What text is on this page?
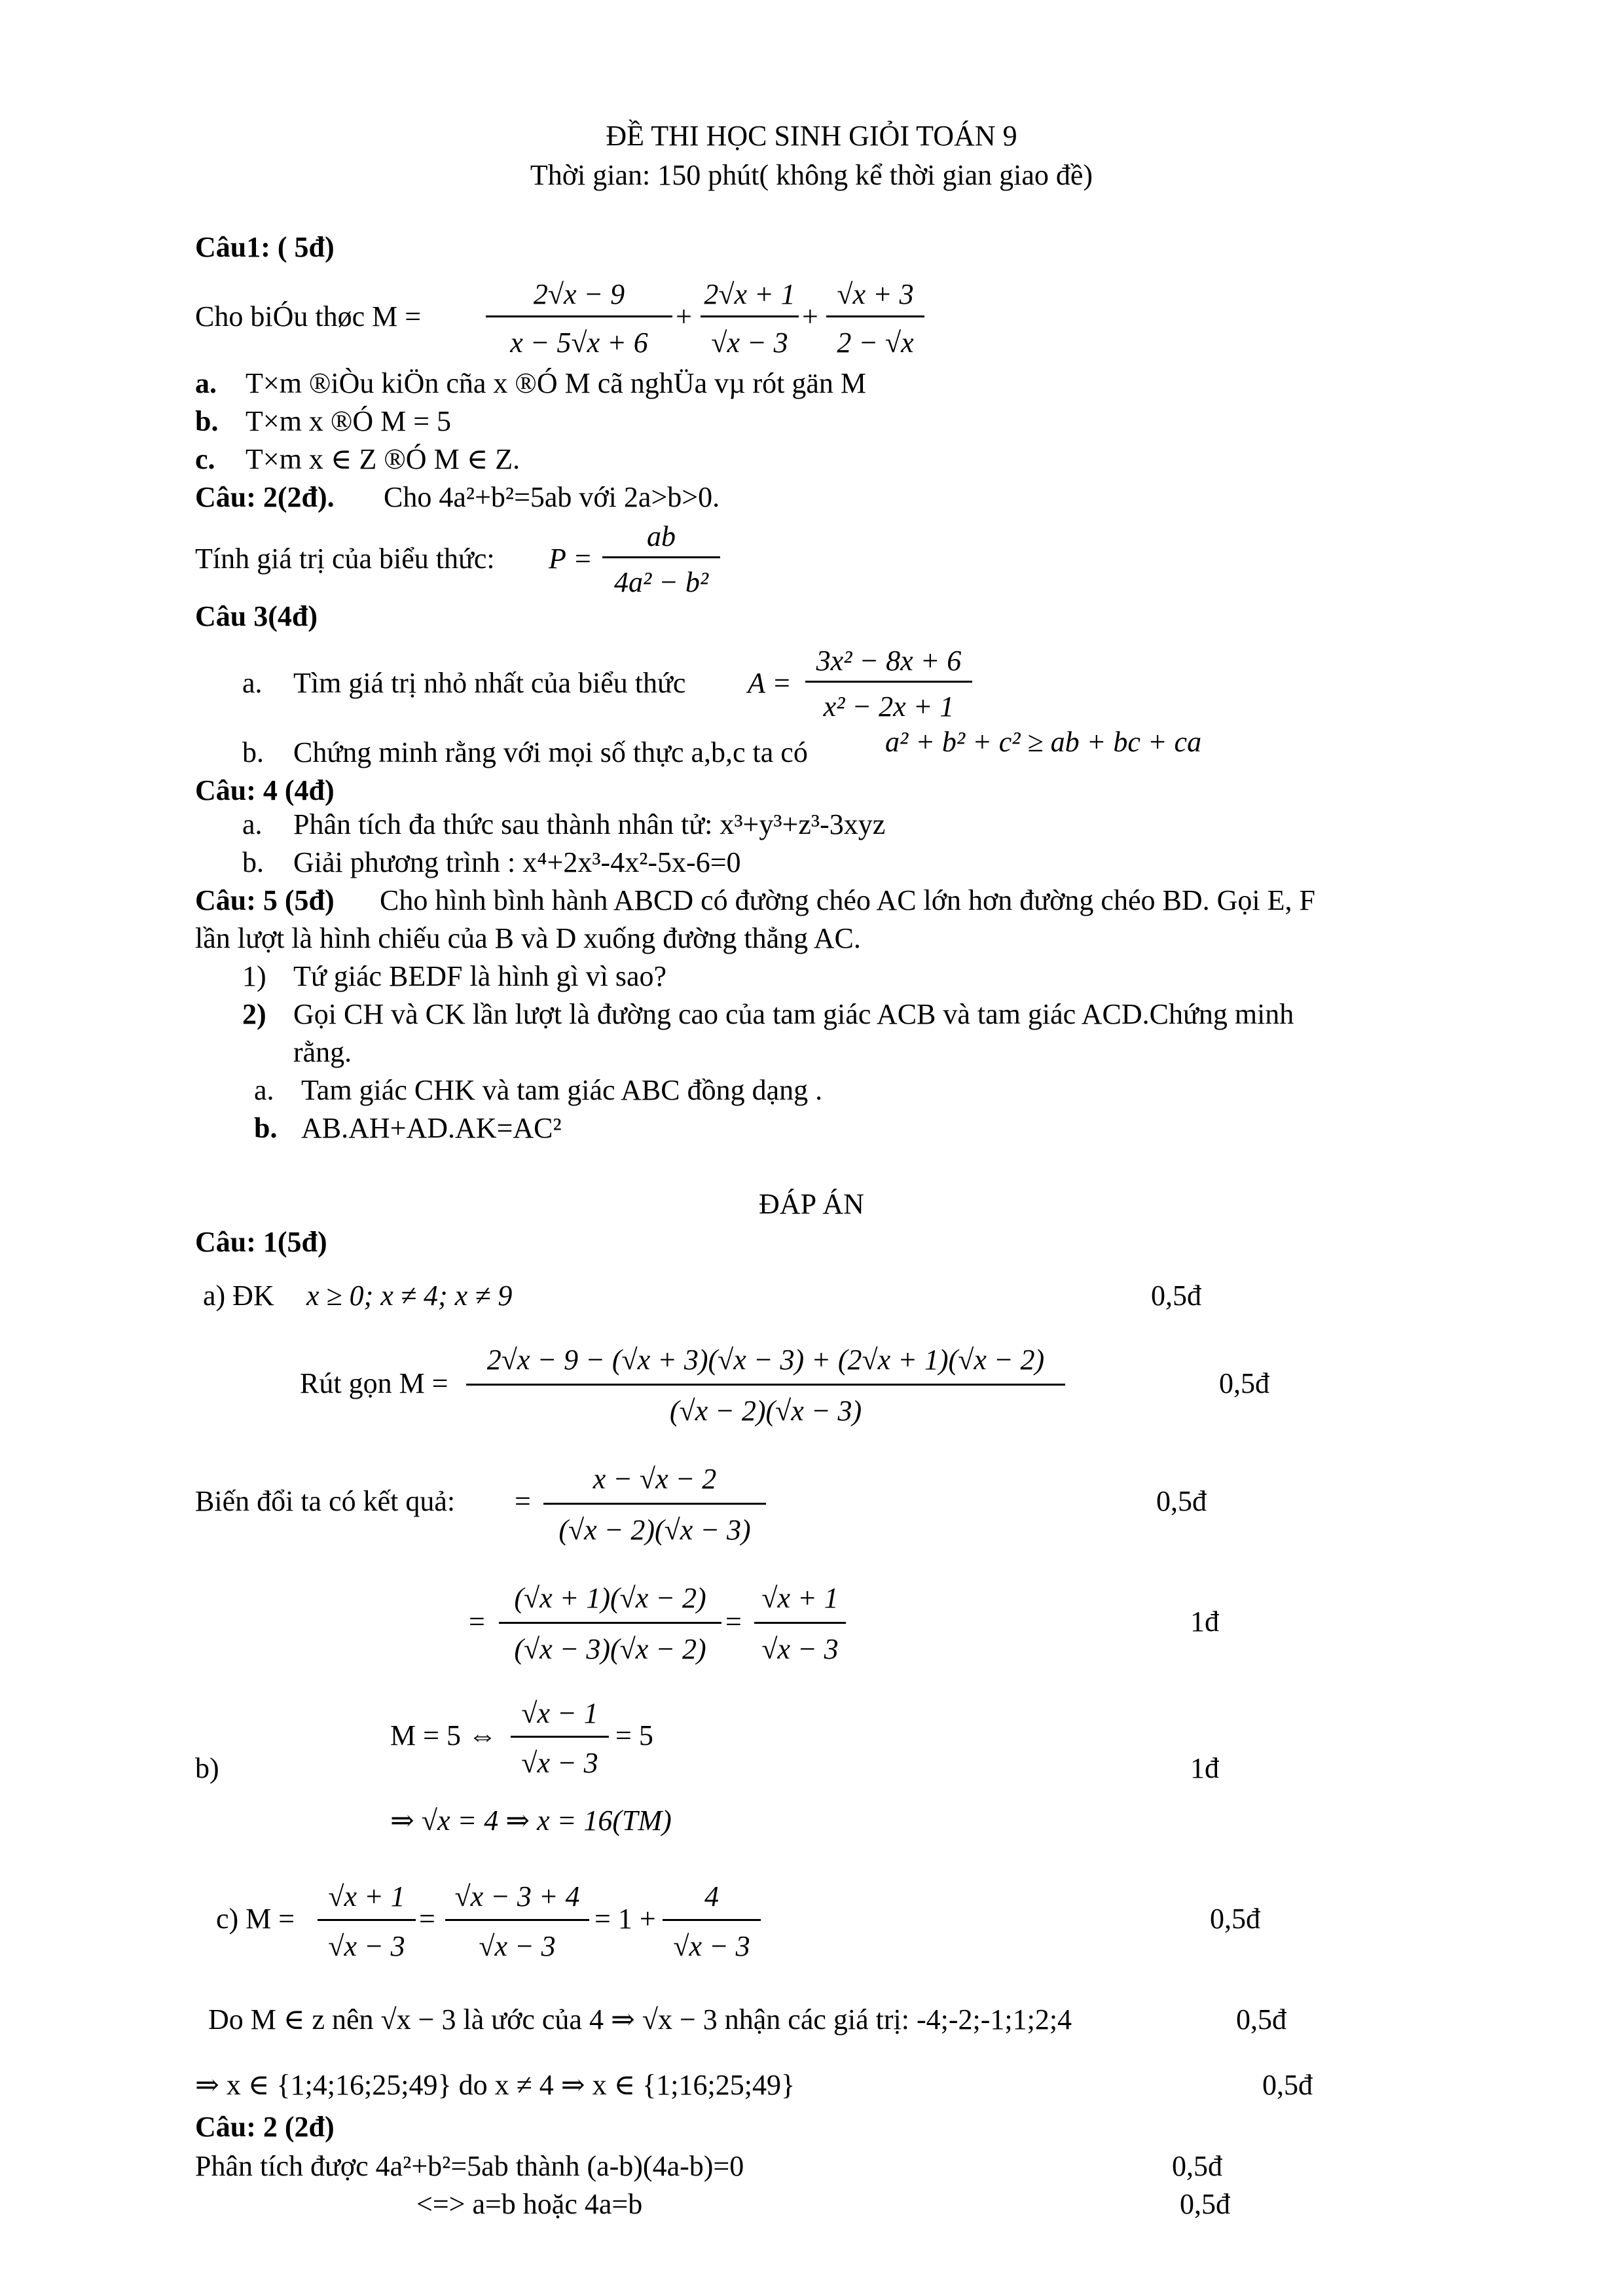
ĐỀ THI HỌC SINH GIỎI TOÁN 9
Thời gian: 150 phút( không kể thời gian giao đề)
Câu1: ( 5đ)
Cho biÓu thøc M =
2√x − 9
x − 5√x + 6
+
2√x + 1
√x − 3
+
√x + 3
2 − √x
a. T×m ®iÒu kiÖn cña x ®Ó M cã nghÜa vµ rót gän M
b. T×m x ®Ó M = 5
c. T×m x ∈ Z ®Ó M ∈ Z.
Câu: 2(2đ). Cho 4a²+b²=5ab với 2a>b>0.
Tính giá trị của biểu thức: P =
ab
4a² − b²
Câu 3(4đ)
a. Tìm giá trị nhỏ nhất của biểu thức A =
3x² − 8x + 6
x² − 2x + 1
b. Chứng minh rằng với mọi số thực a,b,c ta có	a² + b² + c² ≥ ab + bc + ca
Câu: 4 (4đ)
a. Phân tích đa thức sau thành nhân tử: x³+y³+z³-3xyz
b. Giải phương trình : x⁴+2x³-4x²-5x-6=0
Câu: 5 (5đ) Cho hình bình hành ABCD có đường chéo AC lớn hơn đường chéo BD. Gọi E, F
lần lượt là hình chiếu của B và D xuống đường thẳng AC.
1) Tứ giác BEDF là hình gì vì sao?
2) Gọi CH và CK lần lượt là đường cao của tam giác ACB và tam giác ACD.Chứng minh
rằng.
a. Tam giác CHK và tam giác ABC đồng dạng .
b. AB.AH+AD.AK=AC²
ĐÁP ÁN
Câu: 1(5đ)
a) ĐK x ≥ 0; x ≠ 4; x ≠ 9	0,5đ
Rút gọn M =
2√x − 9 − (√x + 3)(√x − 3) + (2√x + 1)(√x − 2)
(√x − 2)(√x − 3)
0,5đ
Biến đổi ta có kết quả: =
x − √x − 2
(√x − 2)(√x − 3)
0,5đ
=
(√x + 1)(√x − 2)
(√x − 3)(√x − 2)
=
√x + 1
√x − 3
1đ
b)
M = 5 ⇔
√x − 1
√x − 3
= 5
⇒ √x = 4 ⇒ x = 16(TM)
1đ
c) M =
√x + 1
√x − 3
=
√x − 3 + 4
√x − 3
= 1 +
4
√x − 3
0,5đ
Do M ∈ z nên √x − 3 là ước của 4 ⇒ √x − 3 nhận các giá trị: -4;-2;-1;1;2;4	0,5đ
⇒ x ∈ {1;4;16;25;49} do x ≠ 4 ⇒ x ∈ {1;16;25;49}	0,5đ
Câu: 2 (2đ)
Phân tích được 4a²+b²=5ab thành (a-b)(4a-b)=0	0,5đ
<=> a=b hoặc 4a=b	0,5đ
